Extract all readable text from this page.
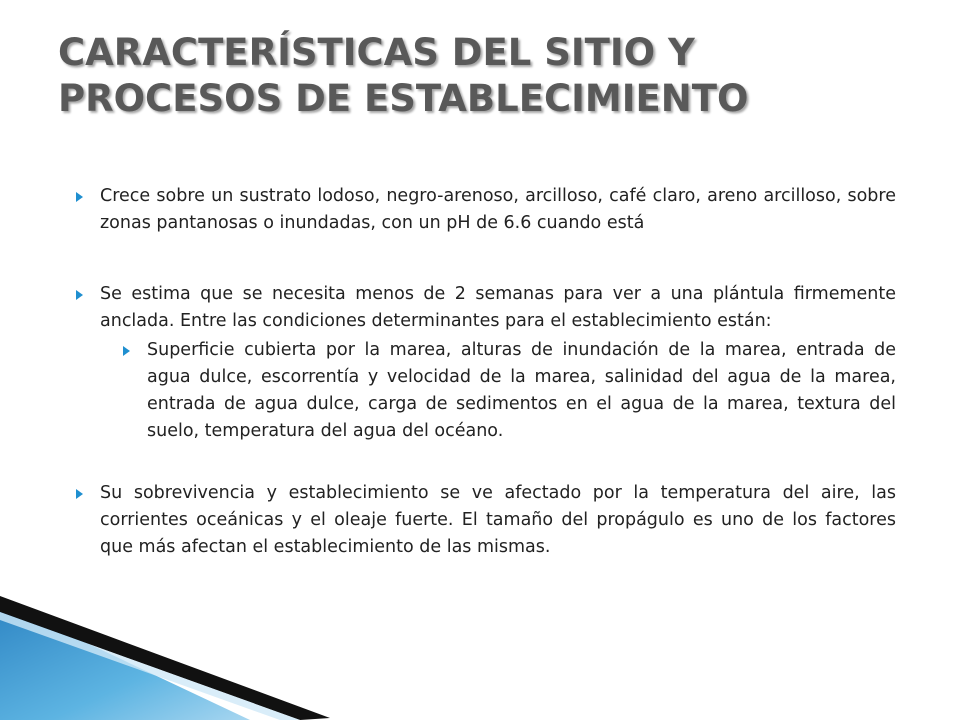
CARACTERÍSTICAS DEL SITIO Y
PROCESOS DE ESTABLECIMIENTO

Crece sobre un sustrato lodoso, negro-arenoso, arcilloso, café claro, areno arcilloso, sobre zonas pantanosas o inundadas, con un pH de 6.6 cuando está

Se estima que se necesita menos de 2 semanas para ver a una plántula firmemente anclada. Entre las condiciones determinantes para el establecimiento están:

Superficie cubierta por la marea, alturas de inundación de la marea, entrada de agua dulce, escorrentía y velocidad de la marea, salinidad del agua de la marea, entrada de agua dulce, carga de sedimentos en el agua de la marea, textura del suelo, temperatura del agua del océano.

Su sobrevivencia y establecimiento se ve afectado por la temperatura del aire, las corrientes oceánicas y el oleaje fuerte. El tamaño del propágulo es uno de los factores que más afectan el establecimiento de las mismas.
